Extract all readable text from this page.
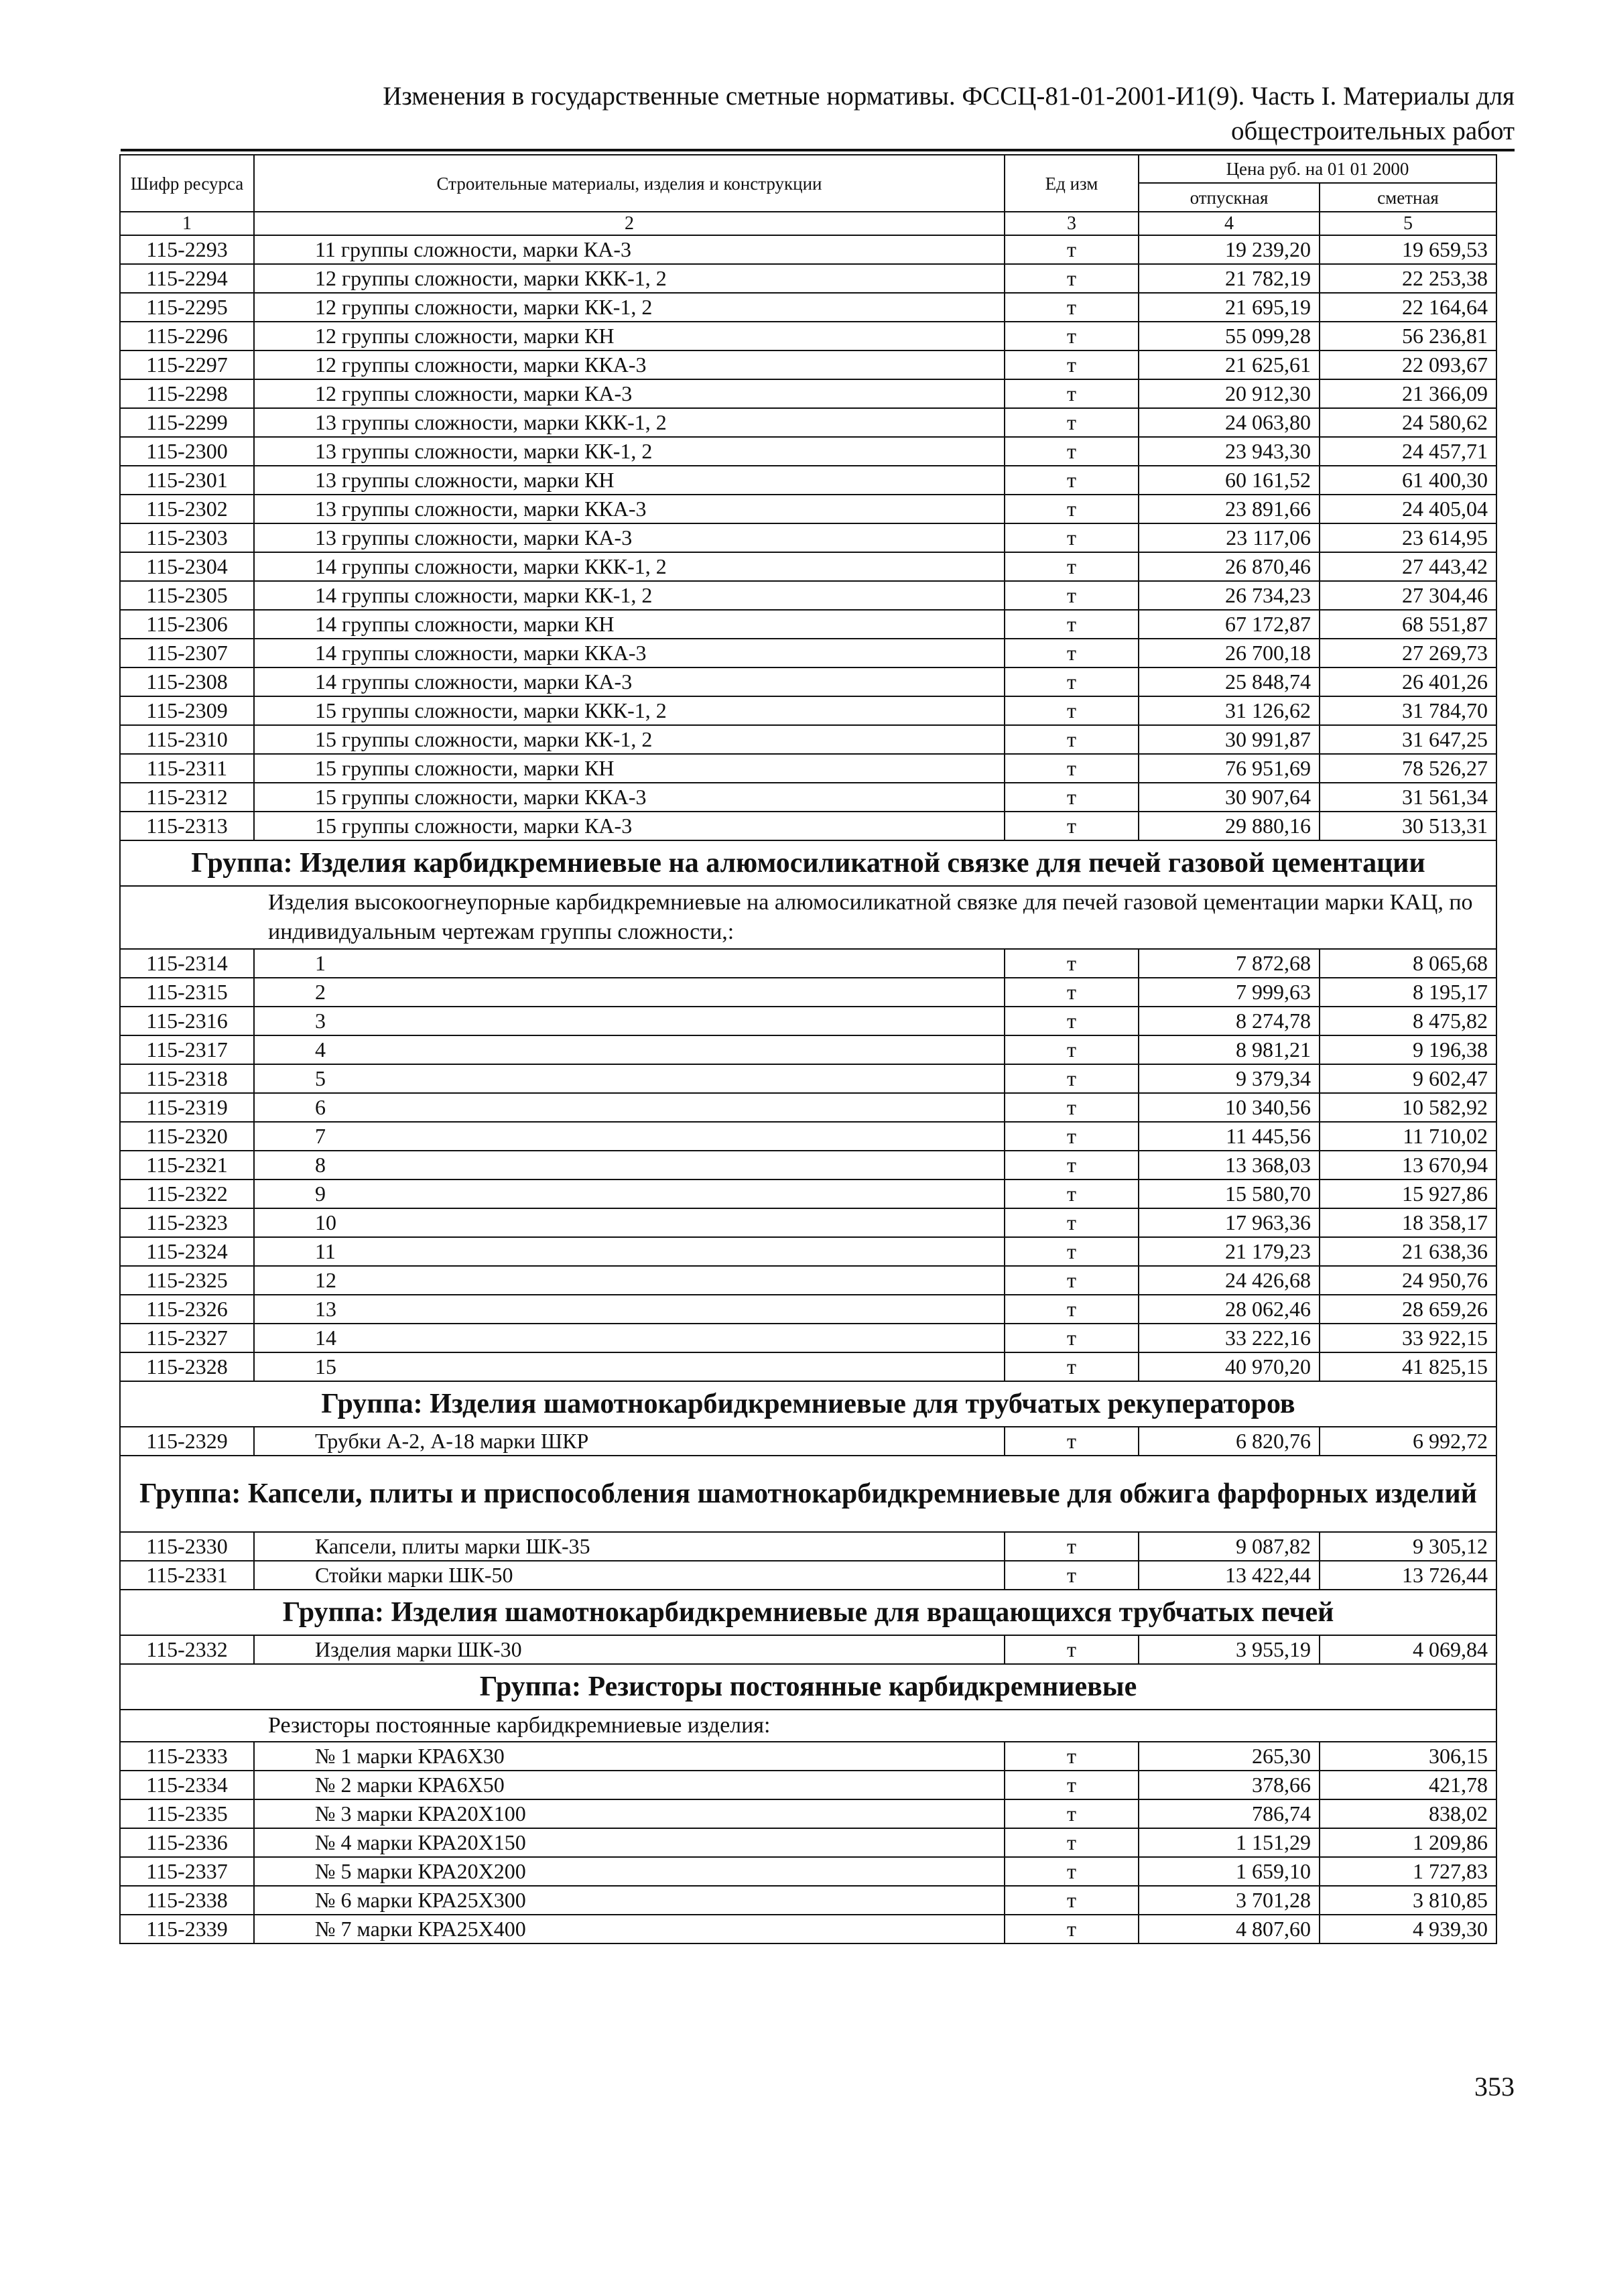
Изменения в государственные сметные нормативы. ФССЦ-81-01-2001-И1(9). Часть I. Материалы для
общестроительных работ
Шифр ресурса	Строительные материалы, изделия и конструкции	Ед изм	Цена руб. на 01 01 2000	
			отпускная	сметная
1	2	3	4	5
115-2293	11 группы сложности, марки КА-3	т	19 239,20	19 659,53
115-2294	12 группы сложности, марки ККК-1, 2	т	21 782,19	22 253,38
115-2295	12 группы сложности, марки КК-1, 2	т	21 695,19	22 164,64
115-2296	12 группы сложности, марки КН	т	55 099,28	56 236,81
115-2297	12 группы сложности, марки ККА-3	т	21 625,61	22 093,67
115-2298	12 группы сложности, марки КА-3	т	20 912,30	21 366,09
115-2299	13 группы сложности, марки ККК-1, 2	т	24 063,80	24 580,62
115-2300	13 группы сложности, марки КК-1, 2	т	23 943,30	24 457,71
115-2301	13 группы сложности, марки КН	т	60 161,52	61 400,30
115-2302	13 группы сложности, марки ККА-3	т	23 891,66	24 405,04
115-2303	13 группы сложности, марки КА-3	т	23 117,06	23 614,95
115-2304	14 группы сложности, марки ККК-1, 2	т	26 870,46	27 443,42
115-2305	14 группы сложности, марки КК-1, 2	т	26 734,23	27 304,46
115-2306	14 группы сложности, марки КН	т	67 172,87	68 551,87
115-2307	14 группы сложности, марки ККА-3	т	26 700,18	27 269,73
115-2308	14 группы сложности, марки КА-3	т	25 848,74	26 401,26
115-2309	15 группы сложности, марки ККК-1, 2	т	31 126,62	31 784,70
115-2310	15 группы сложности, марки КК-1, 2	т	30 991,87	31 647,25
115-2311	15 группы сложности, марки КН	т	76 951,69	78 526,27
115-2312	15 группы сложности, марки ККА-3	т	30 907,64	31 561,34
115-2313	15 группы сложности, марки КА-3	т	29 880,16	30 513,31
Группа: Изделия карбидкремниевые на алюмосиликатной связке для печей газовой цементации				
Изделия высокоогнеупорные карбидкремниевые на алюмосиликатной связке для печей газовой цементации марки КАЦ, по индивидуальным чертежам группы сложности,:				
115-2314	1	т	7 872,68	8 065,68
115-2315	2	т	7 999,63	8 195,17
115-2316	3	т	8 274,78	8 475,82
115-2317	4	т	8 981,21	9 196,38
115-2318	5	т	9 379,34	9 602,47
115-2319	6	т	10 340,56	10 582,92
115-2320	7	т	11 445,56	11 710,02
115-2321	8	т	13 368,03	13 670,94
115-2322	9	т	15 580,70	15 927,86
115-2323	10	т	17 963,36	18 358,17
115-2324	11	т	21 179,23	21 638,36
115-2325	12	т	24 426,68	24 950,76
115-2326	13	т	28 062,46	28 659,26
115-2327	14	т	33 222,16	33 922,15
115-2328	15	т	40 970,20	41 825,15
Группа: Изделия шамотнокарбидкремниевые для трубчатых рекуператоров				
115-2329	Трубки А-2, А-18 марки ШКР	т	6 820,76	6 992,72
Группа: Капсели, плиты и приспособления шамотнокарбидкремниевые для обжига фарфорных изделий				
115-2330	Капсели, плиты марки ШК-35	т	9 087,82	9 305,12
115-2331	Стойки марки ШК-50	т	13 422,44	13 726,44
Группа: Изделия шамотнокарбидкремниевые для вращающихся трубчатых печей				
115-2332	Изделия марки ШК-30	т	3 955,19	4 069,84
Группа: Резисторы постоянные карбидкремниевые				
Резисторы постоянные карбидкремниевые изделия:				
115-2333	№ 1 марки КРА6Х30	т	265,30	306,15
115-2334	№ 2 марки КРА6Х50	т	378,66	421,78
115-2335	№ 3 марки КРА20Х100	т	786,74	838,02
115-2336	№ 4 марки КРА20Х150	т	1 151,29	1 209,86
115-2337	№ 5 марки КРА20Х200	т	1 659,10	1 727,83
115-2338	№ 6 марки КРА25Х300	т	3 701,28	3 810,85
115-2339	№ 7 марки КРА25Х400	т	4 807,60	4 939,30
353
